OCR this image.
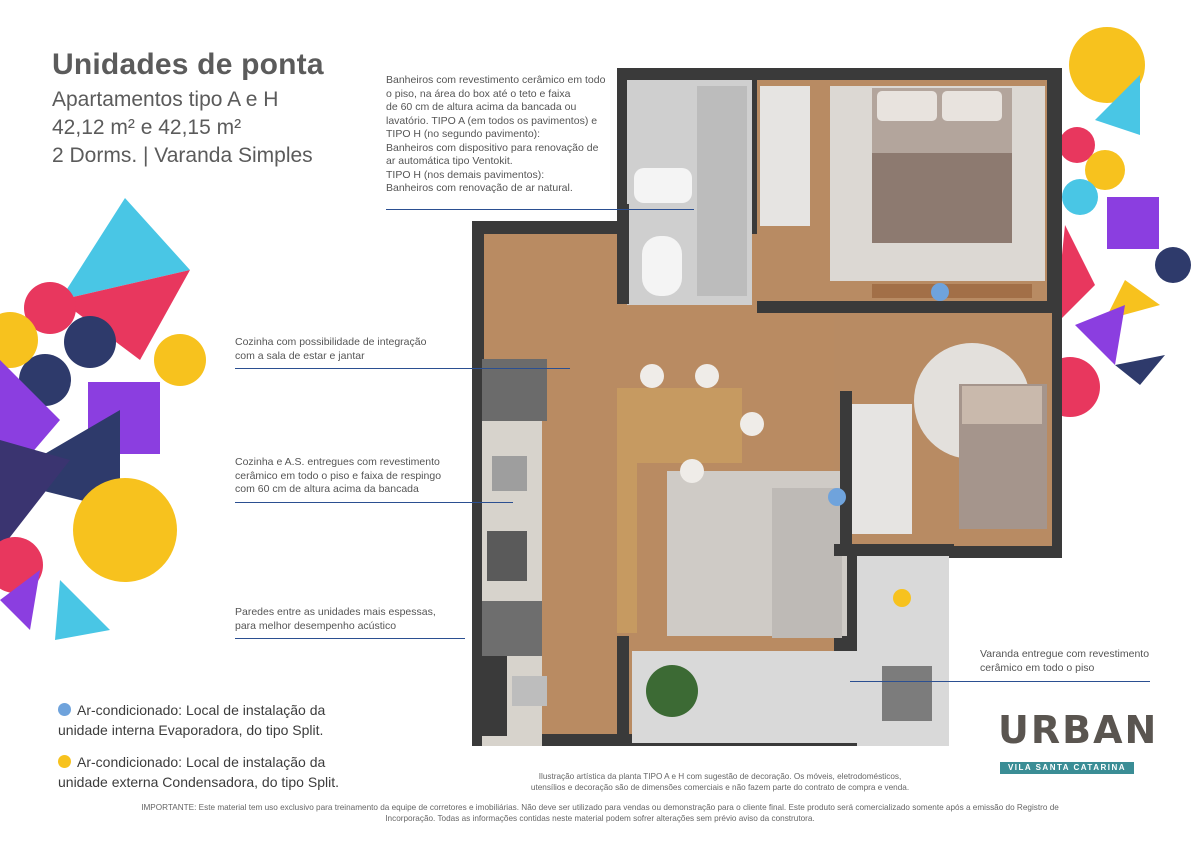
Unidades de ponta
Apartamentos tipo A e H
42,12 m² e 42,15 m²
2 Dorms. | Varanda Simples
Banheiros com revestimento cerâmico em todo
o piso, na área do box até o teto e faixa
de 60 cm de altura acima da bancada ou
lavatório. TIPO A (em todos os pavimentos) e
TIPO H (no segundo pavimento):
Banheiros com dispositivo para renovação de
ar automática tipo Ventokit.
TIPO H (nos demais pavimentos):
Banheiros com renovação de ar natural.
Cozinha com possibilidade de integração
com a sala de estar e jantar
Cozinha e A.S. entregues com revestimento
cerâmico em todo o piso e faixa de respingo
com 60 cm de altura acima da bancada
Paredes entre as unidades mais espessas,
para melhor desempenho acústico
Varanda entregue com revestimento
cerâmico em todo o piso
Ar-condicionado: Local de instalação da
unidade interna Evaporadora, do tipo Split.
Ar-condicionado: Local de instalação da
unidade externa Condensadora, do tipo Split.
URBAN
VILA SANTA CATARINA
Ilustração artística da planta TIPO A e H com sugestão de decoração. Os móveis, eletrodomésticos,
utensílios e decoração são de dimensões comerciais e não fazem parte do contrato de compra e venda.
IMPORTANTE: Este material tem uso exclusivo para treinamento da equipe de corretores e imobiliárias. Não deve ser utilizado para vendas ou demonstração para o cliente final. Este produto será comercializado somente após a emissão do Registro de
Incorporação. Todas as informações contidas neste material podem sofrer alterações sem prévio aviso da construtora.
